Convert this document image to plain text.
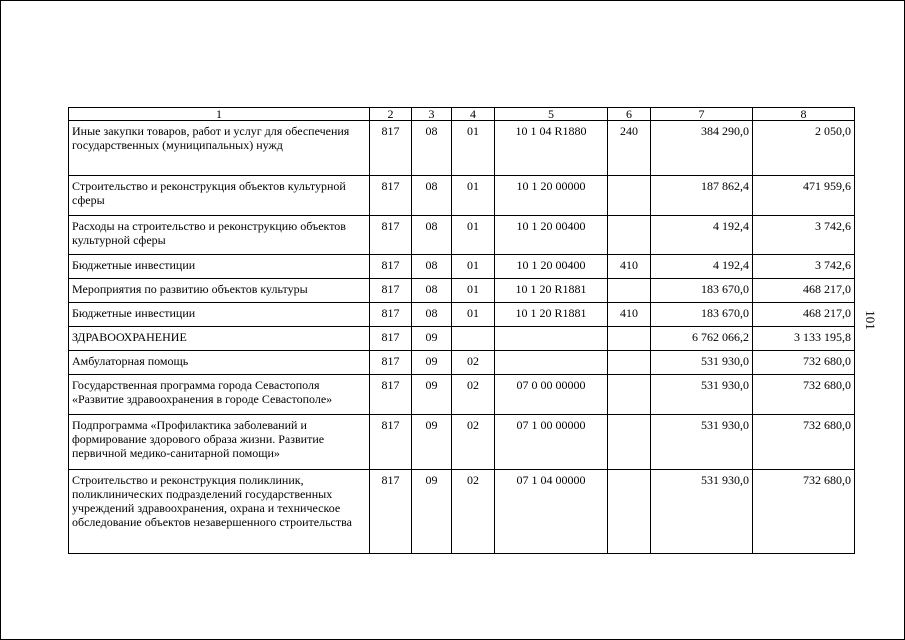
1	2	3	4	5	6	7	8
Иные закупки товаров, работ и услуг для обеспечения государственных (муниципальных) нужд	817	08	01	10 1 04 R1880	240	384 290,0	2 050,0
Строительство и реконструкция объектов культурной сферы	817	08	01	10 1 20 00000		187 862,4	471 959,6
Расходы на строительство и реконструкцию объектов культурной сферы	817	08	01	10 1 20 00400		4 192,4	3 742,6
Бюджетные инвестиции	817	08	01	10 1 20 00400	410	4 192,4	3 742,6
Мероприятия по развитию объектов культуры	817	08	01	10 1 20 R1881		183 670,0	468 217,0
Бюджетные инвестиции	817	08	01	10 1 20 R1881	410	183 670,0	468 217,0
ЗДРАВООХРАНЕНИЕ	817	09				6 762 066,2	3 133 195,8
Амбулаторная помощь	817	09	02			531 930,0	732 680,0
Государственная программа города Севастополя «Развитие здравоохранения в городе Севастополе»	817	09	02	07 0 00 00000		531 930,0	732 680,0
Подпрограмма «Профилактика заболеваний и формирование здорового образа жизни. Развитие первичной медико-санитарной помощи»	817	09	02	07 1 00 00000		531 930,0	732 680,0
Строительство и реконструкция поликлиник, поликлинических подразделений государственных учреждений здравоохранения, охрана и техническое обследование объектов незавершенного строительства	817	09	02	07 1 04 00000		531 930,0	732 680,0
101
